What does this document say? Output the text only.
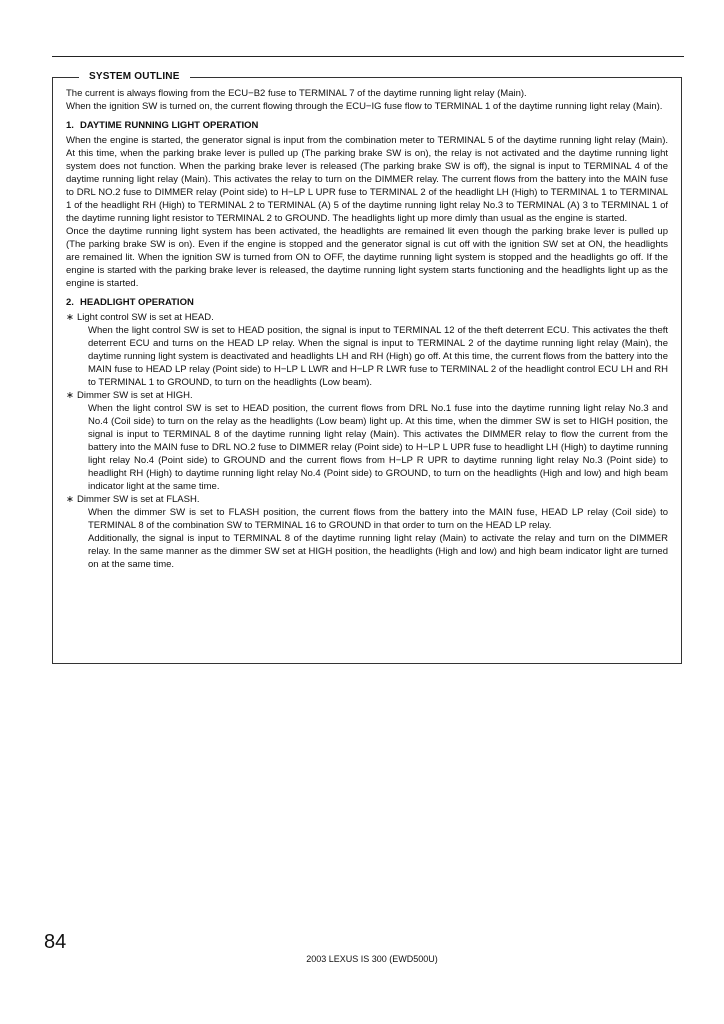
SYSTEM OUTLINE

The current is always flowing from the ECU−B2 fuse to TERMINAL 7 of the daytime running light relay (Main).

When the ignition SW is turned on, the current flowing through the ECU−IG fuse flow to TERMINAL 1 of the daytime running light relay (Main).

1. DAYTIME RUNNING LIGHT OPERATION

When the engine is started, the generator signal is input from the combination meter to TERMINAL 5 of the daytime running light relay (Main). At this time, when the parking brake lever is pulled up (The parking brake SW is on), the relay is not activated and the daytime running light system does not function. When the parking brake lever is released (The parking brake SW is off), the signal is input to TERMINAL 4 of the daytime running light relay (Main). This activates the relay to turn on the DIMMER relay. The current flows from the battery into the MAIN fuse to DRL NO.2 fuse to DIMMER relay (Point side) to H−LP L UPR fuse to TERMINAL 2 of the headlight LH (High) to TERMINAL 1 to TERMINAL 1 of the headlight RH (High) to TERMINAL 2 to TERMINAL (A) 5 of the daytime running light relay No.3 to TERMINAL (A) 3 to TERMINAL 1 of the daytime running light resistor to TERMINAL 2 to GROUND. The headlights light up more dimly than usual as the engine is started.

Once the daytime running light system has been activated, the headlights are remained lit even though the parking brake lever is pulled up (The parking brake SW is on). Even if the engine is stopped and the generator signal is cut off with the ignition SW set at ON, the headlights are remained lit. When the ignition SW is turned from ON to OFF, the daytime running light system is stopped and the headlights go off. If the engine is started with the parking brake lever is released, the daytime running light system starts functioning and the headlights light up as the engine is started.

2. HEADLIGHT OPERATION

∗ Light control SW is set at HEAD.

When the light control SW is set to HEAD position, the signal is input to TERMINAL 12 of the theft deterrent ECU. This activates the theft deterrent ECU and turns on the HEAD LP relay. When the signal is input to TERMINAL 2 of the daytime running light relay (Main), the daytime running light system is deactivated and headlights LH and RH (High) go off. At this time, the current flows from the battery into the MAIN fuse to HEAD LP relay (Point side) to H−LP L LWR and H−LP R LWR fuse to TERMINAL 2 of the headlight control ECU LH and RH to TERMINAL 1 to GROUND, to turn on the headlights (Low beam).

∗ Dimmer SW is set at HIGH.

When the light control SW is set to HEAD position, the current flows from DRL No.1 fuse into the daytime running light relay No.3 and No.4 (Coil side) to turn on the relay as the headlights (Low beam) light up. At this time, when the dimmer SW is set to HIGH position, the signal is input to TERMINAL 8 of the daytime running light relay (Main). This activates the DIMMER relay to flow the current from the battery into the MAIN fuse to DRL NO.2 fuse to DIMMER relay (Point side) to H−LP L UPR fuse to headlight LH (High) to daytime running light relay No.4 (Point side) to GROUND and the current flows from H−LP R UPR to daytime running light relay No.3 (Point side) to headlight RH (High) to daytime running light relay No.4 (Point side) to GROUND, to turn on the headlights (High and low) and high beam indicator light at the same time.

∗ Dimmer SW is set at FLASH.

When the dimmer SW is set to FLASH position, the current flows from the battery into the MAIN fuse, HEAD LP relay (Coil side) to TERMINAL 8 of the combination SW to TERMINAL 16 to GROUND in that order to turn on the HEAD LP relay.

Additionally, the signal is input to TERMINAL 8 of the daytime running light relay (Main) to activate the relay and turn on the DIMMER relay. In the same manner as the dimmer SW set at HIGH position, the headlights (High and low) and high beam indicator light are turned on at the same time.

84
2003 LEXUS IS 300 (EWD500U)
